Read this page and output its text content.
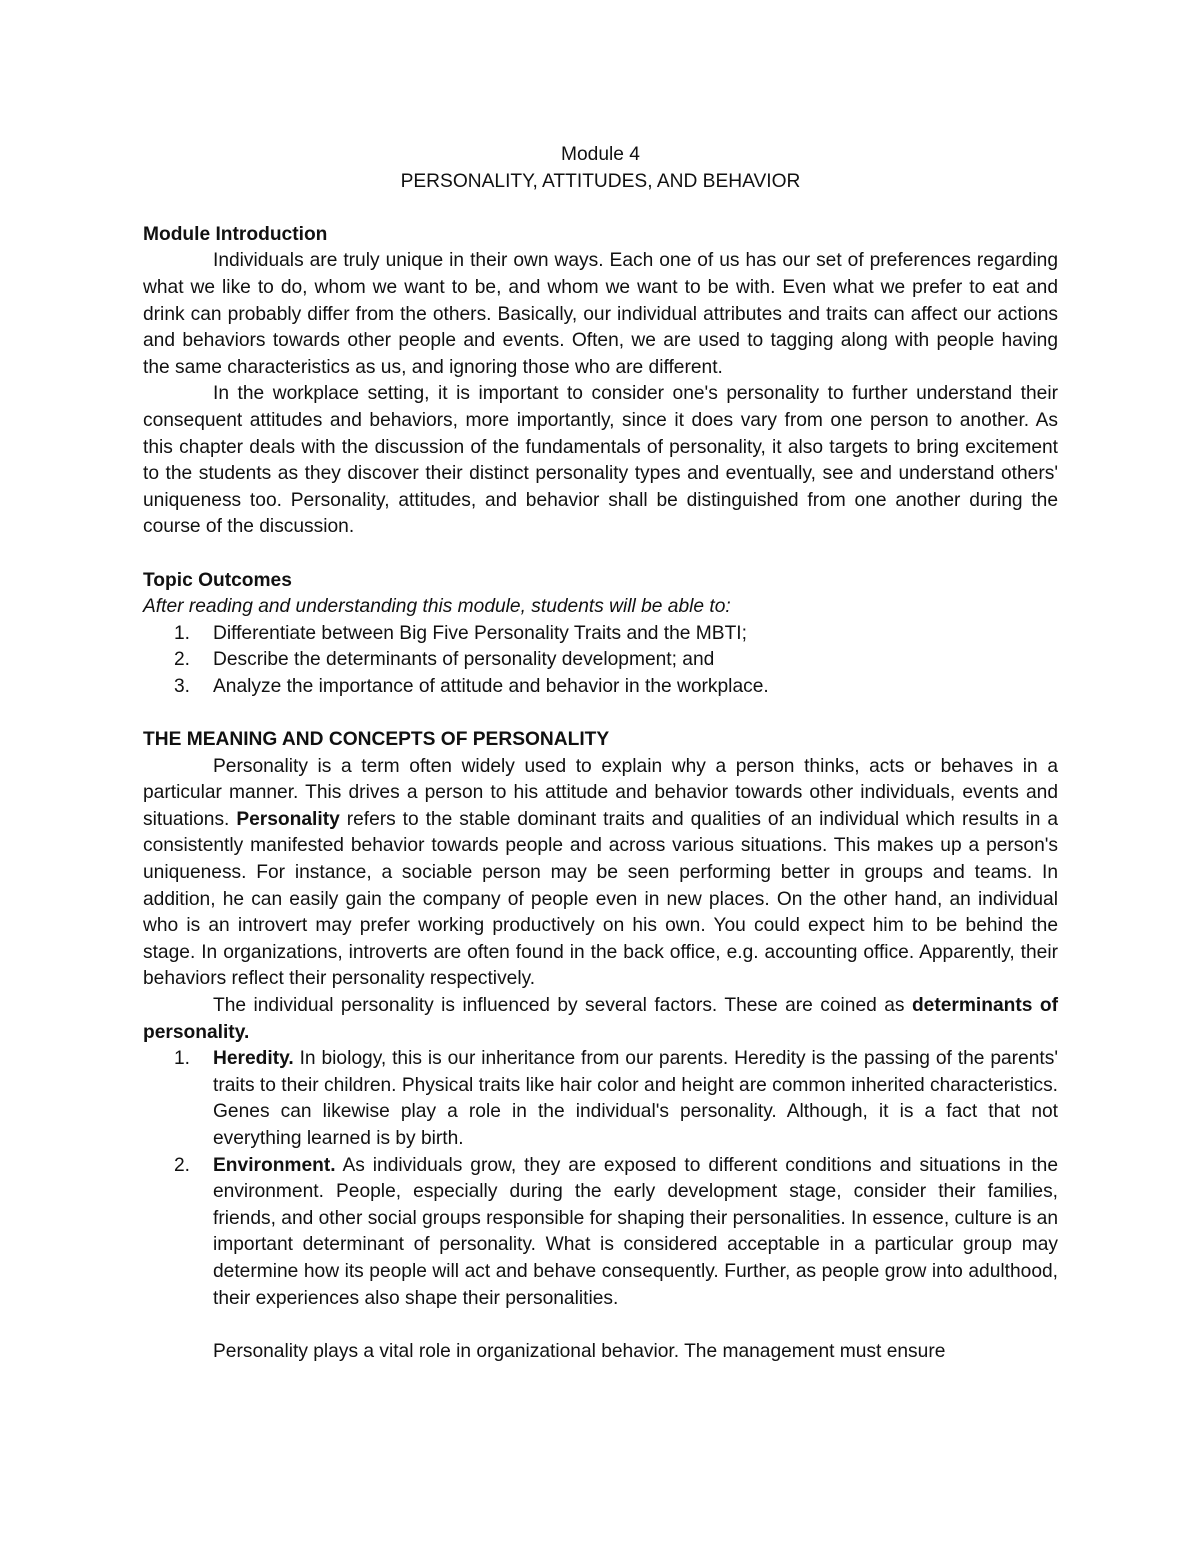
Module 4

PERSONALITY, ATTITUDES, AND BEHAVIOR

Module Introduction

Individuals are truly unique in their own ways. Each one of us has our set of preferences regarding what we like to do, whom we want to be, and whom we want to be with. Even what we prefer to eat and drink can probably differ from the others. Basically, our individual attributes and traits can affect our actions and behaviors towards other people and events. Often, we are used to tagging along with people having the same characteristics as us, and ignoring those who are different.

In the workplace setting, it is important to consider one's personality to further understand their consequent attitudes and behaviors, more importantly, since it does vary from one person to another. As this chapter deals with the discussion of the fundamentals of personality, it also targets to bring excitement to the students as they discover their distinct personality types and eventually, see and understand others' uniqueness too. Personality, attitudes, and behavior shall be distinguished from one another during the course of the discussion.

Topic Outcomes

After reading and understanding this module, students will be able to:

1. Differentiate between Big Five Personality Traits and the MBTI;
2. Describe the determinants of personality development; and
3. Analyze the importance of attitude and behavior in the workplace.

THE MEANING AND CONCEPTS OF PERSONALITY

Personality is a term often widely used to explain why a person thinks, acts or behaves in a particular manner. This drives a person to his attitude and behavior towards other individuals, events and situations. Personality refers to the stable dominant traits and qualities of an individual which results in a consistently manifested behavior towards people and across various situations. This makes up a person's uniqueness. For instance, a sociable person may be seen performing better in groups and teams. In addition, he can easily gain the company of people even in new places. On the other hand, an individual who is an introvert may prefer working productively on his own. You could expect him to be behind the stage. In organizations, introverts are often found in the back office, e.g. accounting office. Apparently, their behaviors reflect their personality respectively.

The individual personality is influenced by several factors. These are coined as determinants of personality.

1. Heredity. In biology, this is our inheritance from our parents. Heredity is the passing of the parents' traits to their children. Physical traits like hair color and height are common inherited characteristics. Genes can likewise play a role in the individual's personality. Although, it is a fact that not everything learned is by birth.
2. Environment. As individuals grow, they are exposed to different conditions and situations in the environment. People, especially during the early development stage, consider their families, friends, and other social groups responsible for shaping their personalities. In essence, culture is an important determinant of personality. What is considered acceptable in a particular group may determine how its people will act and behave consequently. Further, as people grow into adulthood, their experiences also shape their personalities.

Personality plays a vital role in organizational behavior. The management must ensure
